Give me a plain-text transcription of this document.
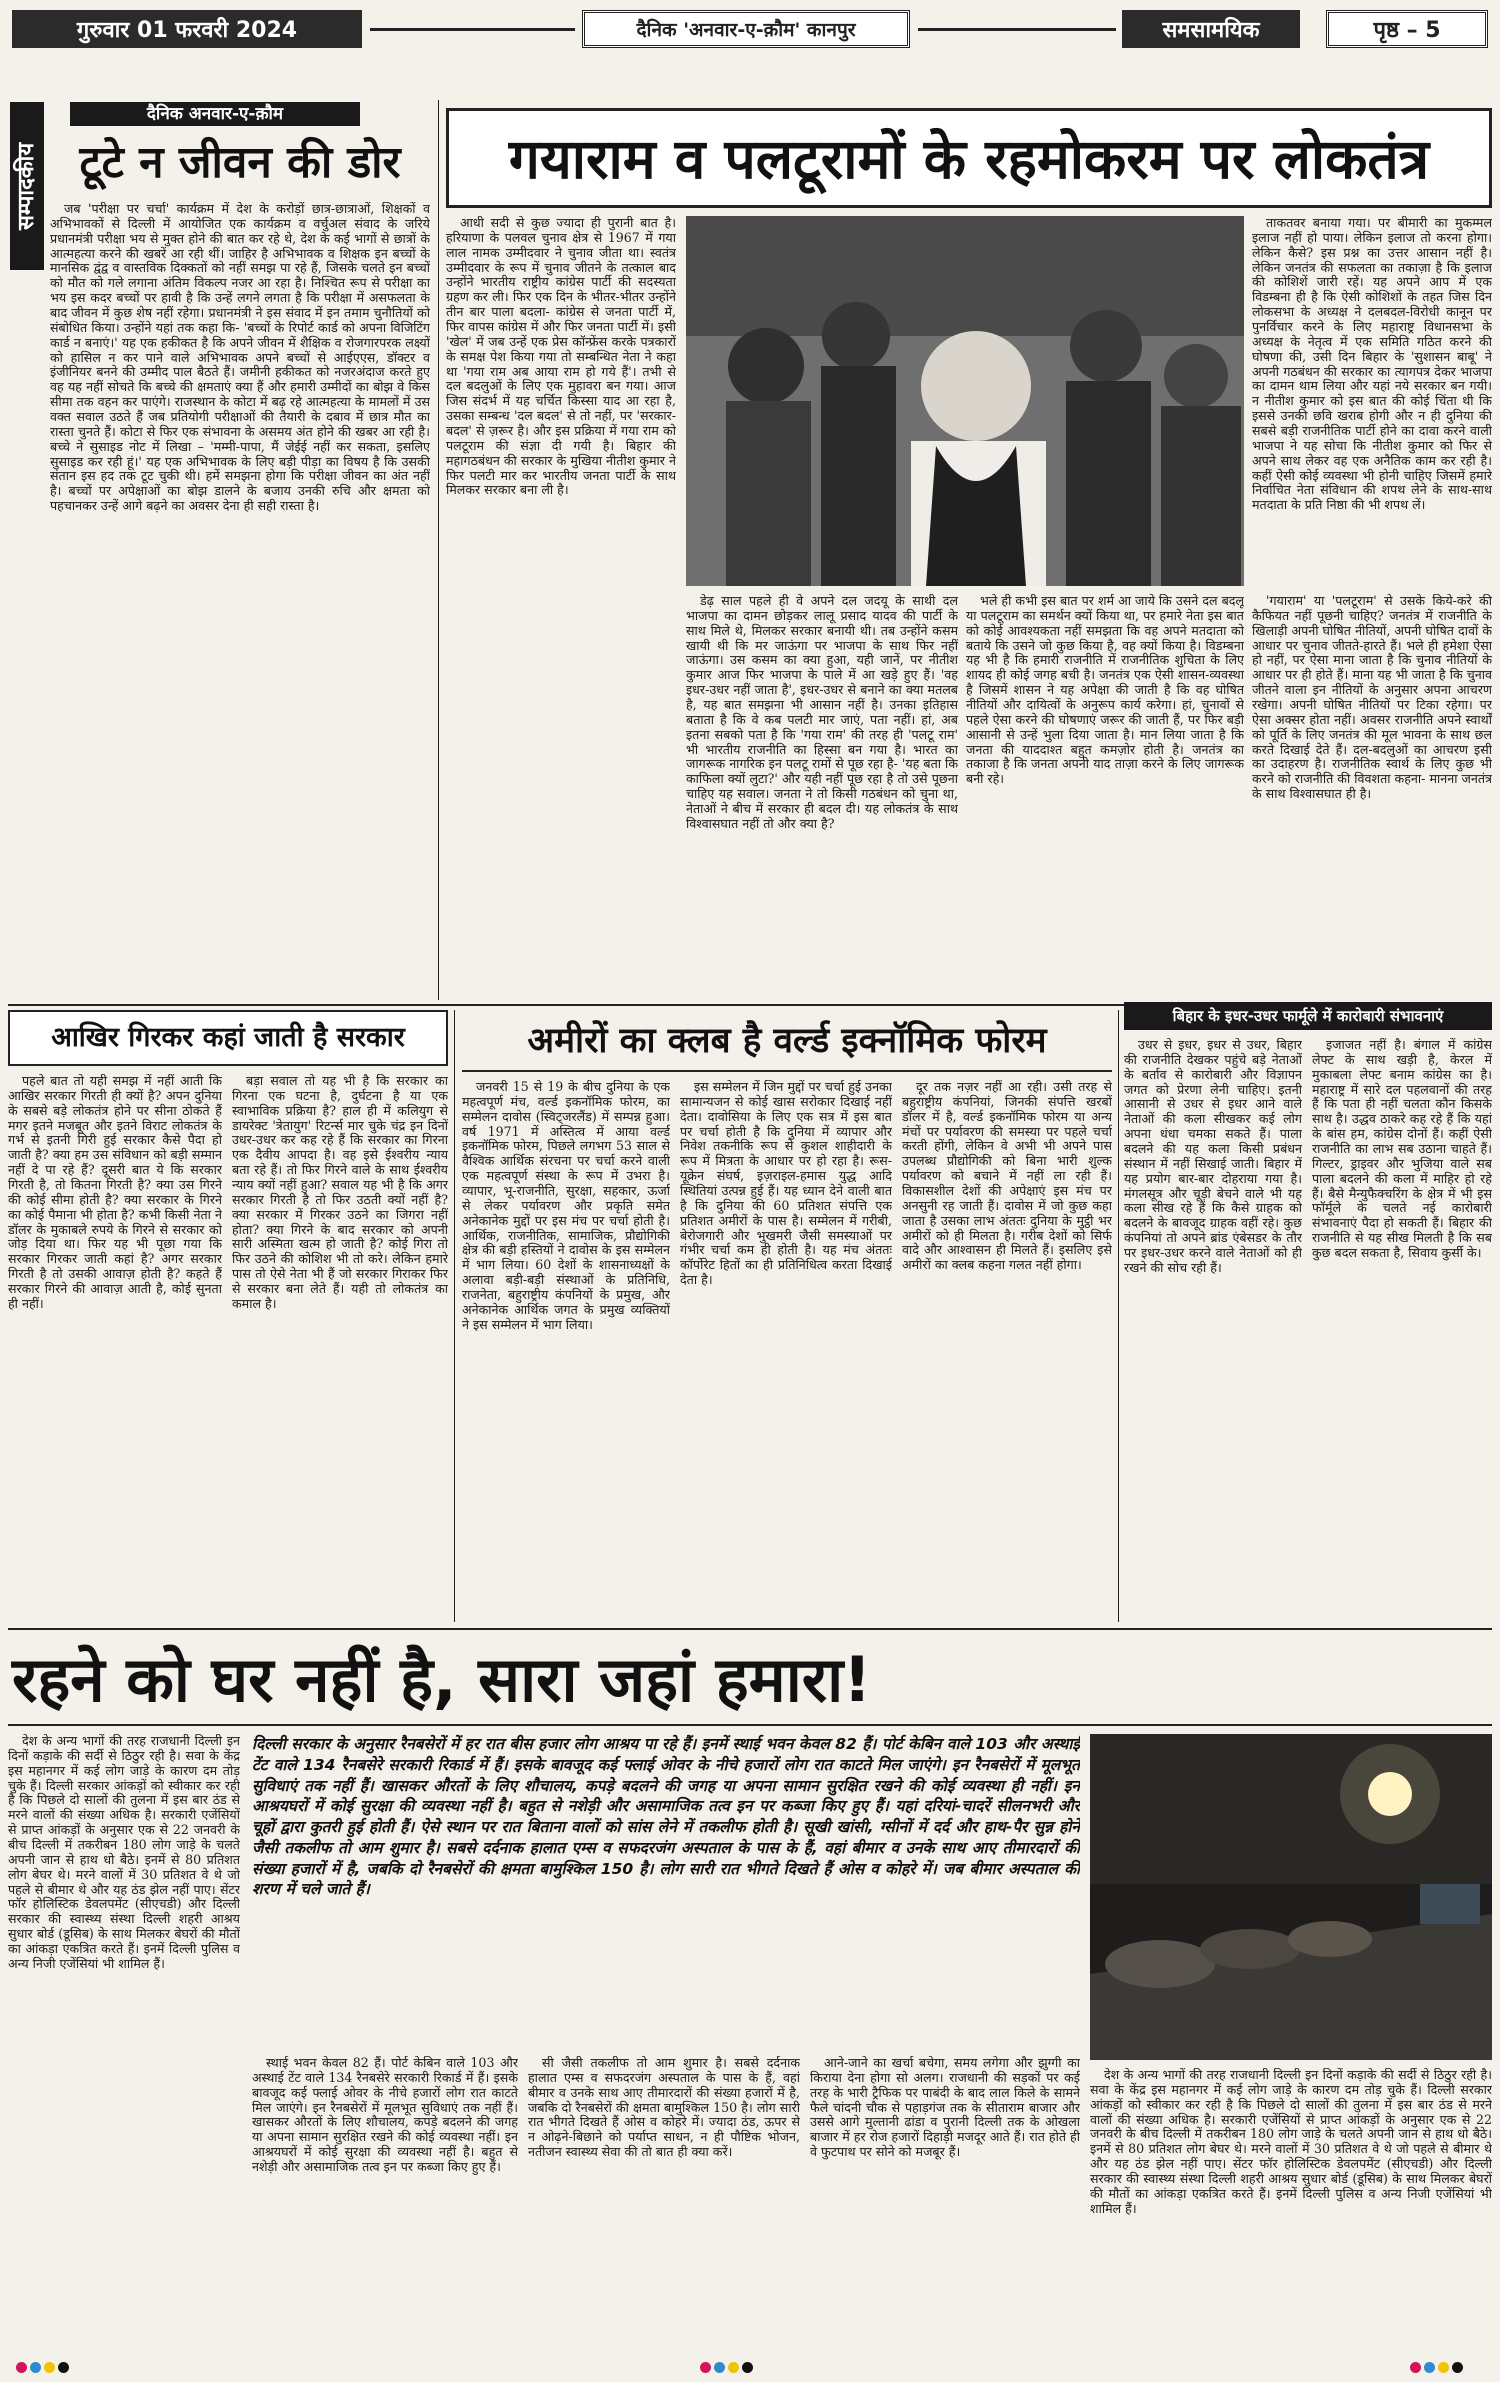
गुरुवार 01 फरवरी 2024	दैनिक 'अनवार-ए-क़ौम' कानपुर	समसामयिक	पृष्ठ – 5
सम्पादकीय
दैनिक अनवार-ए-क़ौम
टूटे न जीवन की डोर

जब 'परीक्षा पर चर्चा' कार्यक्रम में देश के करोड़ों छात्र-छात्राओं, शिक्षकों व अभिभावकों से दिल्ली में आयोजित एक कार्यक्रम व वर्चुअल संवाद के जरिये प्रधानमंत्री परीक्षा भय से मुक्त होने की बात कर रहे थे, देश के कई भागों से छात्रों के आत्महत्या करने की खबरें आ रही थीं। जाहिर है अभिभावक व शिक्षक इन बच्चों के मानसिक द्वंद्व व वास्तविक दिक्कतों को नहीं समझ पा रहे हैं, जिसके चलते इन बच्चों को मौत को गले लगाना अंतिम विकल्प नजर आ रहा है। निश्चित रूप से परीक्षा का भय इस कदर बच्चों पर हावी है कि उन्हें लगने लगता है कि परीक्षा में असफलता के बाद जीवन में कुछ शेष नहीं रहेगा। प्रधानमंत्री ने इस संवाद में इन तमाम चुनौतियों को संबोधित किया। उन्होंने यहां तक कहा कि- 'बच्चों के रिपोर्ट कार्ड को अपना विजिटिंग कार्ड न बनाएं।' यह एक हकीकत है कि अपने जीवन में शैक्षिक व रोजगारपरक लक्ष्यों को हासिल न कर पाने वाले अभिभावक अपने बच्चों से आईएएस, डॉक्टर व इंजीनियर बनने की उम्मीद पाल बैठते हैं। जमीनी हकीकत को नजरअंदाज करते हुए वह यह नहीं सोचते कि बच्चे की क्षमताएं क्या हैं और हमारी उम्मीदों का बोझ वे किस सीमा तक वहन कर पाएंगे। राजस्थान के कोटा में बढ़ रहे आत्महत्या के मामलों में उस वक्त सवाल उठते हैं जब प्रतियोगी परीक्षाओं की तैयारी के दबाव में छात्र मौत का रास्ता चुनते हैं। कोटा से फिर एक संभावना के असमय अंत होने की खबर आ रही है। बच्चे ने सुसाइड नोट में लिखा – 'मम्मी-पापा, मैं जेईई नहीं कर सकता, इसलिए सुसाइड कर रही हूं।' यह एक अभिभावक के लिए बड़ी पीड़ा का विषय है कि उसकी संतान इस हद तक टूट चुकी थी। हमें समझना होगा कि परीक्षा जीवन का अंत नहीं है। बच्चों पर अपेक्षाओं का बोझ डालने के बजाय उनकी रुचि और क्षमता को पहचानकर उन्हें आगे बढ़ने का अवसर देना ही सही रास्ता है।

गयाराम व पलटूरामों के रहमोकरम पर लोकतंत्र

आधी सदी से कुछ ज्यादा ही पुरानी बात है। हरियाणा के पलवल चुनाव क्षेत्र से 1967 में गया लाल नामक उम्मीदवार ने चुनाव जीता था। स्वतंत्र उम्मीदवार के रूप में चुनाव जीतने के तत्काल बाद उन्होंने भारतीय राष्ट्रीय कांग्रेस पार्टी की सदस्यता ग्रहण कर ली। फिर एक दिन के भीतर-भीतर उन्होंने तीन बार पाला बदला- कांग्रेस से जनता पार्टी में, फिर वापस कांग्रेस में और फिर जनता पार्टी में। इसी 'खेल' में जब उन्हें एक प्रेस कॉन्फ्रेंस करके पत्रकारों के समक्ष पेश किया गया तो सम्बन्धित नेता ने कहा था 'गया राम अब आया राम हो गये हैं'। तभी से दल बदलुओं के लिए एक मुहावरा बन गया। आज जिस संदर्भ में यह चर्चित किस्सा याद आ रहा है, उसका सम्बन्ध 'दल बदल' से तो नहीं, पर 'सरकार-बदल' से ज़रूर है। और इस प्रक्रिया में गया राम को पलटूराम की संज्ञा दी गयी है। बिहार की महागठबंधन की सरकार के मुखिया नीतीश कुमार ने फिर पलटी मार कर भारतीय जनता पार्टी के साथ मिलकर सरकार बना ली है।

डेढ़ साल पहले ही वे अपने दल जदयू के साथी दल भाजपा का दामन छोड़कर लालू प्रसाद यादव की पार्टी के साथ मिले थे, मिलकर सरकार बनायी थी। तब उन्होंने कसम खायी थी कि मर जाऊंगा पर भाजपा के साथ फिर नहीं जाऊंगा। उस कसम का क्या हुआ, यही जानें, पर नीतीश कुमार आज फिर भाजपा के पाले में आ खड़े हुए हैं। 'वह इधर-उधर नहीं जाता है', इधर-उधर से बनाने का क्या मतलब है, यह बात समझना भी आसान नहीं है। उनका इतिहास बताता है कि वे कब पलटी मार जाएं, पता नहीं। हां, अब इतना सबको पता है कि 'गया राम' की तरह ही 'पलटू राम' भी भारतीय राजनीति का हिस्सा बन गया है। भारत का जागरूक नागरिक इन पलटू रामों से पूछ रहा है- 'यह बता कि काफिला क्यों लुटा?' और यही नहीं पूछ रहा है तो उसे पूछना चाहिए यह सवाल। जनता ने तो किसी गठबंधन को चुना था, नेताओं ने बीच में सरकार ही बदल दी। यह लोकतंत्र के साथ विश्वासघात नहीं तो और क्या है?

भले ही कभी इस बात पर शर्म आ जाये कि उसने दल बदलू या पलटूराम का समर्थन क्यों किया था, पर हमारे नेता इस बात को कोई आवश्यकता नहीं समझता कि वह अपने मतदाता को बताये कि उसने जो कुछ किया है, वह क्यों किया है। विडम्बना यह भी है कि हमारी राजनीति में राजनीतिक शुचिता के लिए शायद ही कोई जगह बची है। जनतंत्र एक ऐसी शासन-व्यवस्था है जिसमें शासन ने यह अपेक्षा की जाती है कि वह घोषित नीतियों और दायित्वों के अनुरूप कार्य करेगा। हां, चुनावों से पहले ऐसा करने की घोषणाएं जरूर की जाती हैं, पर फिर बड़ी आसानी से उन्हें भुला दिया जाता है। मान लिया जाता है कि जनता की याददाश्त बहुत कमज़ोर होती है। जनतंत्र का तकाजा है कि जनता अपनी याद ताज़ा करने के लिए जागरूक बनी रहे।

'गयाराम' या 'पलटूराम' से उसके किये-करे की कैफियत नहीं पूछनी चाहिए? जनतंत्र में राजनीति के खिलाड़ी अपनी घोषित नीतियों, अपनी घोषित दावों के आधार पर चुनाव जीतते-हारते हैं। भले ही हमेशा ऐसा हो नहीं, पर ऐसा माना जाता है कि चुनाव नीतियों के आधार पर ही होते हैं। माना यह भी जाता है कि चुनाव जीतने वाला इन नीतियों के अनुसार अपना आचरण रखेगा। अपनी घोषित नीतियों पर टिका रहेगा। पर ऐसा अक्सर होता नहीं। अवसर राजनीति अपने स्वार्थों को पूर्ति के लिए जनतंत्र की मूल भावना के साथ छल करते दिखाई देते हैं। दल-बदलुओं का आचरण इसी का उदाहरण है। राजनीतिक स्वार्थ के लिए कुछ भी करने को राजनीति की विवशता कहना- मानना जनतंत्र के साथ विश्वासघात ही है।

ताकतवर बनाया गया। पर बीमारी का मुकम्मल इलाज नहीं हो पाया। लेकिन इलाज तो करना होगा। लेकिन कैसे? इस प्रश्न का उत्तर आसान नहीं है। लेकिन जनतंत्र की सफलता का तकाज़ा है कि इलाज की कोशिशें जारी रहें। यह अपने आप में एक विडम्बना ही है कि ऐसी कोशिशों के तहत जिस दिन लोकसभा के अध्यक्ष ने दलबदल-विरोधी कानून पर पुनर्विचार करने के लिए महाराष्ट्र विधानसभा के अध्यक्ष के नेतृत्व में एक समिति गठित करने की घोषणा की, उसी दिन बिहार के 'सुशासन बाबू' ने अपनी गठबंधन की सरकार का त्यागपत्र देकर भाजपा का दामन थाम लिया और यहां नये सरकार बन गयी। न नीतीश कुमार को इस बात की कोई चिंता थी कि इससे उनकी छवि खराब होगी और न ही दुनिया की सबसे बड़ी राजनीतिक पार्टी होने का दावा करने वाली भाजपा ने यह सोचा कि नीतीश कुमार को फिर से अपने साथ लेकर वह एक अनैतिक काम कर रही है। कहीं ऐसी कोई व्यवस्था भी होनी चाहिए जिसमें हमारे निर्वाचित नेता संविधान की शपथ लेने के साथ-साथ मतदाता के प्रति निष्ठा की भी शपथ लें।

आखिर गिरकर कहां जाती है सरकार

पहले बात तो यही समझ में नहीं आती कि आखिर सरकार गिरती ही क्यों है? अपन दुनिया के सबसे बड़े लोकतंत्र होने पर सीना ठोकते हैं मगर इतने मजबूत और इतने विराट लोकतंत्र के गर्भ से इतनी गिरी हुई सरकार कैसे पैदा हो जाती है? क्या हम उस संविधान को बड़ी सम्मान नहीं दे पा रहे हैं? दूसरी बात ये कि सरकार गिरती है, तो कितना गिरती है? क्या उस गिरने की कोई सीमा होती है? क्या सरकार के गिरने का कोई पैमाना भी होता है? कभी किसी नेता ने डॉलर के मुकाबले रुपये के गिरने से सरकार को जोड़ दिया था। फिर यह भी पूछा गया कि सरकार गिरकर जाती कहां है? अगर सरकार गिरती है तो उसकी आवाज़ होती है? कहते हैं सरकार गिरने की आवाज़ आती है, कोई सुनता ही नहीं।

बड़ा सवाल तो यह भी है कि सरकार का गिरना एक घटना है, दुर्घटना है या एक स्वाभाविक प्रक्रिया है? हाल ही में कलियुग से डायरेक्ट 'त्रेतायुग' रिटर्न्स मार चुके चंद्र इन दिनों उधर-उधर कर कह रहे हैं कि सरकार का गिरना एक दैवीय आपदा है। वह इसे ईश्वरीय न्याय बता रहे हैं। तो फिर गिरने वाले के साथ ईश्वरीय न्याय क्यों नहीं हुआ? सवाल यह भी है कि अगर सरकार गिरती है तो फिर उठती क्यों नहीं है? क्या सरकार में गिरकर उठने का जिगरा नहीं होता? क्या गिरने के बाद सरकार को अपनी सारी अस्मिता खत्म हो जाती है? कोई गिरा तो फिर उठने की कोशिश भी तो करे। लेकिन हमारे पास तो ऐसे नेता भी हैं जो सरकार गिराकर फिर से सरकार बना लेते हैं। यही तो लोकतंत्र का कमाल है।

अमीरों का क्लब है वर्ल्ड इक्नॉमिक फोरम

जनवरी 15 से 19 के बीच दुनिया के एक महत्वपूर्ण मंच, वर्ल्ड इकनॉमिक फोरम, का सम्मेलन दावोस (स्विट्जरलैंड) में सम्पन्न हुआ। वर्ष 1971 में अस्तित्व में आया वर्ल्ड इकनॉमिक फोरम, पिछले लगभग 53 साल से वैश्विक आर्थिक संरचना पर चर्चा करने वाली एक महत्वपूर्ण संस्था के रूप में उभरा है। व्यापार, भू-राजनीति, सुरक्षा, सहकार, ऊर्जा से लेकर पर्यावरण और प्रकृति समेत अनेकानेक मुद्दों पर इस मंच पर चर्चा होती है। आर्थिक, राजनीतिक, सामाजिक, प्रौद्योगिकी क्षेत्र की बड़ी हस्तियों ने दावोस के इस सम्मेलन में भाग लिया। 60 देशों के शासनाध्यक्षों के अलावा बड़ी-बड़ी संस्थाओं के प्रतिनिधि, राजनेता, बहुराष्ट्रीय कंपनियों के प्रमुख, और अनेकानेक आर्थिक जगत के प्रमुख व्यक्तियों ने इस सम्मेलन में भाग लिया।

इस सम्मेलन में जिन मुद्दों पर चर्चा हुई उनका सामान्यजन से कोई खास सरोकार दिखाई नहीं देता। दावोसिया के लिए एक सत्र में इस बात पर चर्चा होती है कि दुनिया में व्यापार और निवेश तकनीकि रूप से कुशल शाहीदारी के रूप में मित्रता के आधार पर हो रहा है। रूस-यूक्रेन संघर्ष, इज़राइल-हमास युद्ध आदि स्थितियां उत्पन्न हुई हैं। यह ध्यान देने वाली बात है कि दुनिया की 60 प्रतिशत संपत्ति एक प्रतिशत अमीरों के पास है। सम्मेलन में गरीबी, बेरोजगारी और भुखमरी जैसी समस्याओं पर गंभीर चर्चा कम ही होती है। यह मंच अंततः कॉर्पोरेट हितों का ही प्रतिनिधित्व करता दिखाई देता है।

दूर तक नज़र नहीं आ रही। उसी तरह से बहुराष्ट्रीय कंपनियां, जिनकी संपत्ति खरबों डॉलर में है, वर्ल्ड इकनॉमिक फोरम या अन्य मंचों पर पर्यावरण की समस्या पर पहले चर्चा करती होंगी, लेकिन वे अभी भी अपने पास उपलब्ध प्रौद्योगिकी को बिना भारी शुल्क पर्यावरण को बचाने में नहीं ला रही हैं। विकासशील देशों की अपेक्षाएं इस मंच पर अनसुनी रह जाती हैं। दावोस में जो कुछ कहा जाता है उसका लाभ अंततः दुनिया के मुट्ठी भर अमीरों को ही मिलता है। गरीब देशों को सिर्फ वादे और आश्वासन ही मिलते हैं। इसलिए इसे अमीरों का क्लब कहना गलत नहीं होगा।

बिहार के इधर-उधर फार्मूले में कारोबारी संभावनाएं

उधर से इधर, इधर से उधर, बिहार की राजनीति देखकर पहुंचे बड़े नेताओं के बर्ताव से कारोबारी और विज्ञापन जगत को प्रेरणा लेनी चाहिए। इतनी आसानी से उधर से इधर आने वाले नेताओं की कला सीखकर कई लोग अपना धंधा चमका सकते हैं। पाला बदलने की यह कला किसी प्रबंधन संस्थान में नहीं सिखाई जाती। बिहार में यह प्रयोग बार-बार दोहराया गया है। मंगलसूत्र और चूड़ी बेचने वाले भी यह कला सीख रहे हैं कि कैसे ग्राहक को बदलने के बावजूद ग्राहक वहीं रहे। कुछ कंपनियां तो अपने ब्रांड एंबेसडर के तौर पर इधर-उधर करने वाले नेताओं को ही रखने की सोच रही हैं।

इजाजत नहीं है। बंगाल में कांग्रेस लेफ्ट के साथ खड़ी है, केरल में मुकाबला लेफ्ट बनाम कांग्रेस का है। महाराष्ट्र में सारे दल पहलवानों की तरह हैं कि पता ही नहीं चलता कौन किसके साथ है। उद्धव ठाकरे कह रहे हैं कि यहां के बांस हम, कांग्रेस दोनों हैं। कहीं ऐसी राजनीति का लाभ सब उठाना चाहते हैं। गिल्टर, ड्राइवर और भुजिया वाले सब पाला बदलने की कला में माहिर हो रहे हैं। बैसे मैन्युफैक्चरिंग के क्षेत्र में भी इस फॉर्मूले के चलते नई कारोबारी संभावनाएं पैदा हो सकती हैं। बिहार की राजनीति से यह सीख मिलती है कि सब कुछ बदल सकता है, सिवाय कुर्सी के।

रहने को घर नहीं है, सारा जहां हमारा!

देश के अन्य भागों की तरह राजधानी दिल्ली इन दिनों कड़ाके की सर्दी से ठिठुर रही है। सवा के केंद्र इस महानगर में कई लोग जाड़े के कारण दम तोड़ चुके हैं। दिल्ली सरकार आंकड़ों को स्वीकार कर रही है कि पिछले दो सालों की तुलना में इस बार ठंड से मरने वालों की संख्या अधिक है। सरकारी एजेंसियों से प्राप्त आंकड़ों के अनुसार एक से 22 जनवरी के बीच दिल्ली में तकरीबन 180 लोग जाड़े के चलते अपनी जान से हाथ धो बैठे। इनमें से 80 प्रतिशत लोग बेघर थे। मरने वालों में 30 प्रतिशत वे थे जो पहले से बीमार थे और यह ठंड झेल नहीं पाए। सेंटर फॉर होलिस्टिक डेवलपमेंट (सीएचडी) और दिल्ली सरकार की स्वास्थ्य संस्था दिल्ली शहरी आश्रय सुधार बोर्ड (डूसिब) के साथ मिलकर बेघरों की मौतों का आंकड़ा एकत्रित करते हैं। इनमें दिल्ली पुलिस व अन्य निजी एजेंसियां भी शामिल हैं।

दिल्ली सरकार के अनुसार रैनबसेरों में हर रात बीस हजार लोग आश्रय पा रहे हैं। इनमें स्थाई भवन केवल 82 हैं। पोर्ट केबिन वाले 103 और अस्थाई टेंट वाले 134 रैनबसेरे सरकारी रिकार्ड में हैं। इसके बावजूद कई फ्लाई ओवर के नीचे हजारों लोग रात काटते मिल जाएंगे। इन रैनबसेरों में मूलभूत सुविधाएं तक नहीं हैं। खासकर औरतों के लिए शौचालय, कपड़े बदलने की जगह या अपना सामान सुरक्षित रखने की कोई व्यवस्था ही नहीं। इन आश्रयघरों में कोई सुरक्षा की व्यवस्था नहीं है। बहुत से नशेड़ी और असामाजिक तत्व इन पर कब्जा किए हुए हैं। यहां दरियां-चादरें सीलनभरी और चूहों द्वारा कुतरी हुई होती हैं। ऐसे स्थान पर रात बिताना वालों को सांस लेने में तकलीफ होती है। सूखी खांसी, ग्सीनों में दर्द और हाथ-पैर सुन्न होने जैसी तकलीफ तो आम शुमार है। सबसे दर्दनाक हालात एम्स व सफदरजंग अस्पताल के पास के हैं, वहां बीमार व उनके साथ आए तीमारदारों की संख्या हजारों में है, जबकि दो रैनबसेरों की क्षमता बामुश्किल 150 है। लोग सारी रात भीगते दिखते हैं ओस व कोहरे में। जब बीमार अस्पताल की शरण में चले जाते हैं।

स्थाई भवन केवल 82 हैं। पोर्ट केबिन वाले 103 और अस्थाई टेंट वाले 134 रैनबसेरे सरकारी रिकार्ड में हैं। इसके बावजूद कई फ्लाई ओवर के नीचे हजारों लोग रात काटते मिल जाएंगे। इन रैनबसेरों में मूलभूत सुविधाएं तक नहीं हैं। खासकर औरतों के लिए शौचालय, कपड़े बदलने की जगह या अपना सामान सुरक्षित रखने की कोई व्यवस्था नहीं। इन आश्रयघरों में कोई सुरक्षा की व्यवस्था नहीं है। बहुत से नशेड़ी और असामाजिक तत्व इन पर कब्जा किए हुए हैं।

सी जैसी तकलीफ तो आम शुमार है। सबसे दर्दनाक हालात एम्स व सफदरजंग अस्पताल के पास के हैं, वहां बीमार व उनके साथ आए तीमारदारों की संख्या हजारों में है, जबकि दो रैनबसेरों की क्षमता बामुश्किल 150 है। लोग सारी रात भीगते दिखते हैं ओस व कोहरे में। ज्यादा ठंड, ऊपर से न ओढ़ने-बिछाने को पर्याप्त साधन, न ही पौष्टिक भोजन, नतीजन स्वास्थ्य सेवा की तो बात ही क्या करें।

आने-जाने का खर्चा बचेगा, समय लगेगा और झुग्गी का किराया देना होगा सो अलग। राजधानी की सड़कों पर कई तरह के भारी ट्रैफिक पर पाबंदी के बाद लाल किले के सामने फैले चांदनी चौक से पहाड़गंज तक के सीताराम बाजार और उससे आगे मुल्तानी ढांडा व पुरानी दिल्ली तक के ओखला बाजार में हर रोज हजारों दिहाड़ी मजदूर आते हैं। रात होते ही वे फुटपाथ पर सोने को मजबूर हैं।

देश के अन्य भागों की तरह राजधानी दिल्ली इन दिनों कड़ाके की सर्दी से ठिठुर रही है। सवा के केंद्र इस महानगर में कई लोग जाड़े के कारण दम तोड़ चुके हैं। दिल्ली सरकार आंकड़ों को स्वीकार कर रही है कि पिछले दो सालों की तुलना में इस बार ठंड से मरने वालों की संख्या अधिक है। सरकारी एजेंसियों से प्राप्त आंकड़ों के अनुसार एक से 22 जनवरी के बीच दिल्ली में तकरीबन 180 लोग जाड़े के चलते अपनी जान से हाथ धो बैठे। इनमें से 80 प्रतिशत लोग बेघर थे। मरने वालों में 30 प्रतिशत वे थे जो पहले से बीमार थे और यह ठंड झेल नहीं पाए। सेंटर फॉर होलिस्टिक डेवलपमेंट (सीएचडी) और दिल्ली सरकार की स्वास्थ्य संस्था दिल्ली शहरी आश्रय सुधार बोर्ड (डूसिब) के साथ मिलकर बेघरों की मौतों का आंकड़ा एकत्रित करते हैं। इनमें दिल्ली पुलिस व अन्य निजी एजेंसियां भी शामिल हैं।
